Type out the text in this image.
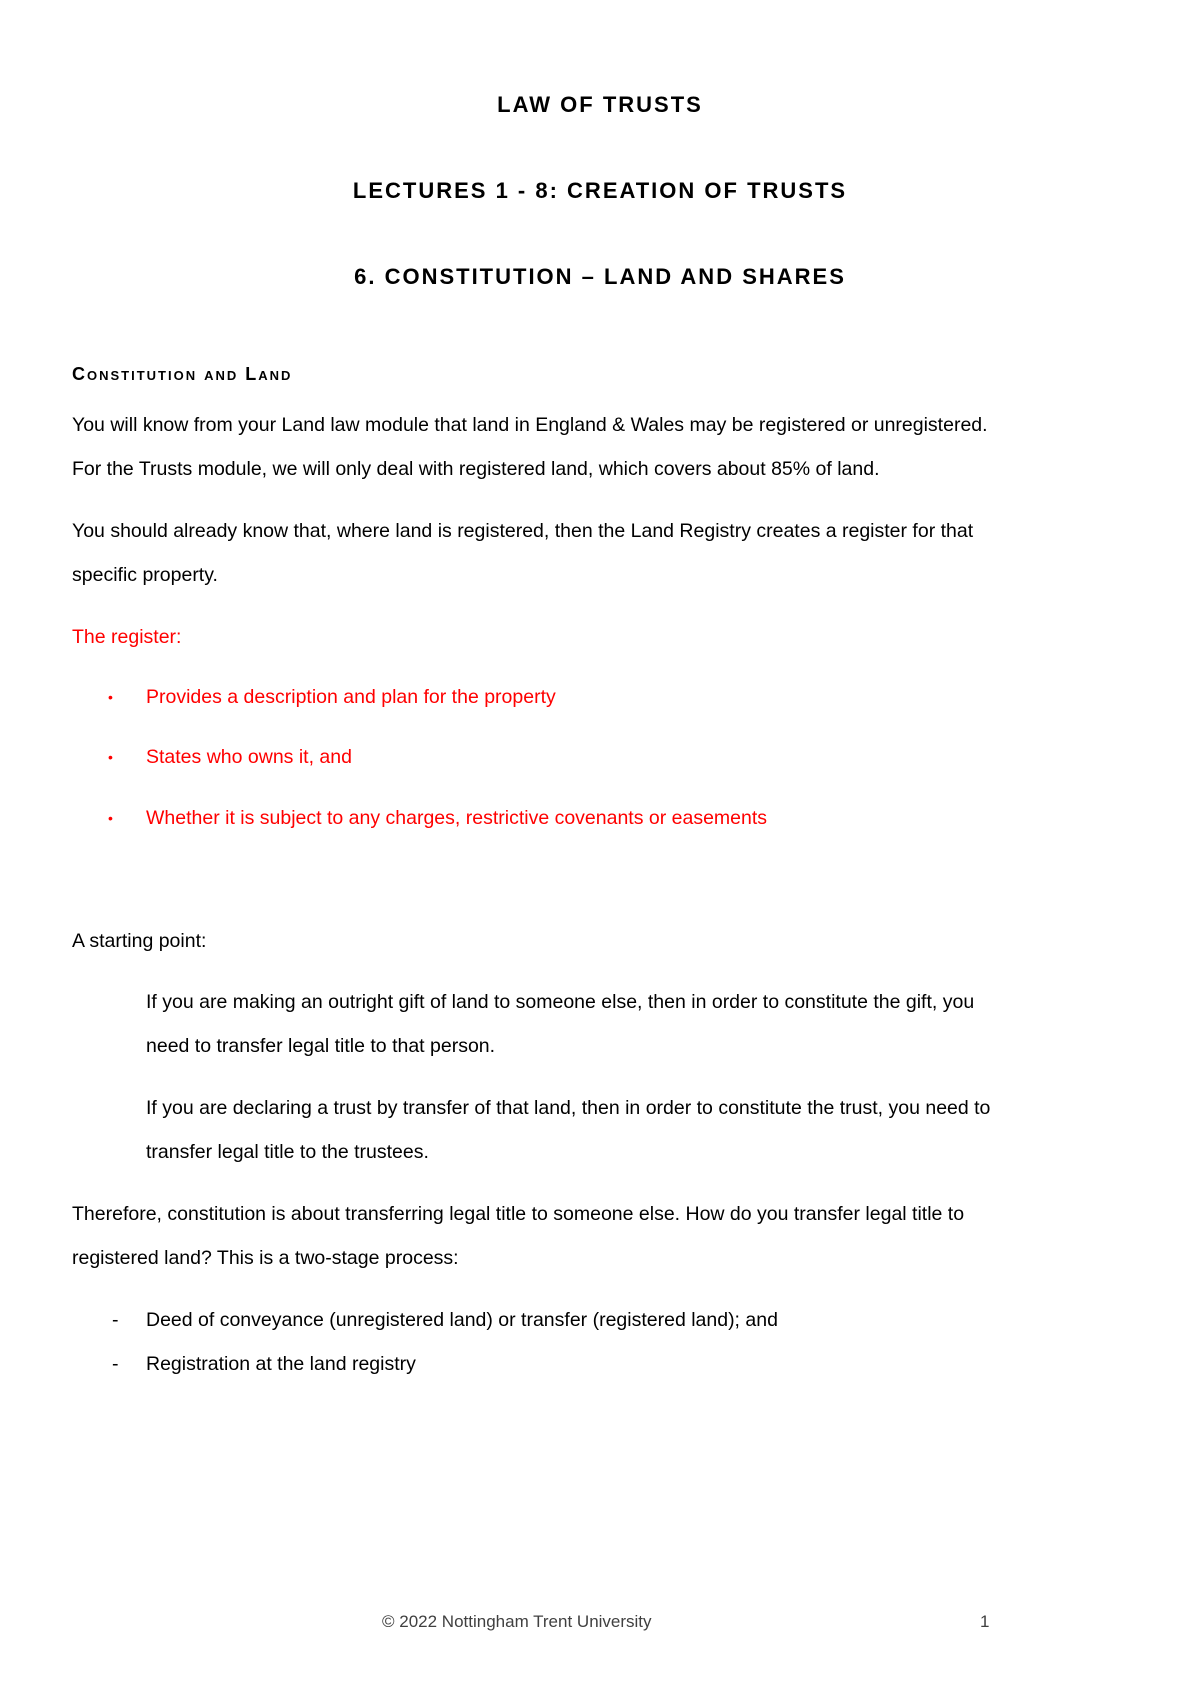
LAW OF TRUSTS
LECTURES 1 - 8: CREATION OF TRUSTS
6. CONSTITUTION – LAND AND SHARES
Constitution and Land
You will know from your Land law module that land in England & Wales may be registered or unregistered.
For the Trusts module, we will only deal with registered land, which covers about 85% of land.
You should already know that, where land is registered, then the Land Registry creates a register for that
specific property.
The register:
• Provides a description and plan for the property
• States who owns it, and
• Whether it is subject to any charges, restrictive covenants or easements
A starting point:
If you are making an outright gift of land to someone else, then in order to constitute the gift, you
need to transfer legal title to that person.
If you are declaring a trust by transfer of that land, then in order to constitute the trust, you need to
transfer legal title to the trustees.
Therefore, constitution is about transferring legal title to someone else. How do you transfer legal title to
registered land? This is a two-stage process:
- Deed of conveyance (unregistered land) or transfer (registered land); and
- Registration at the land registry
© 2022 Nottingham Trent University	1
